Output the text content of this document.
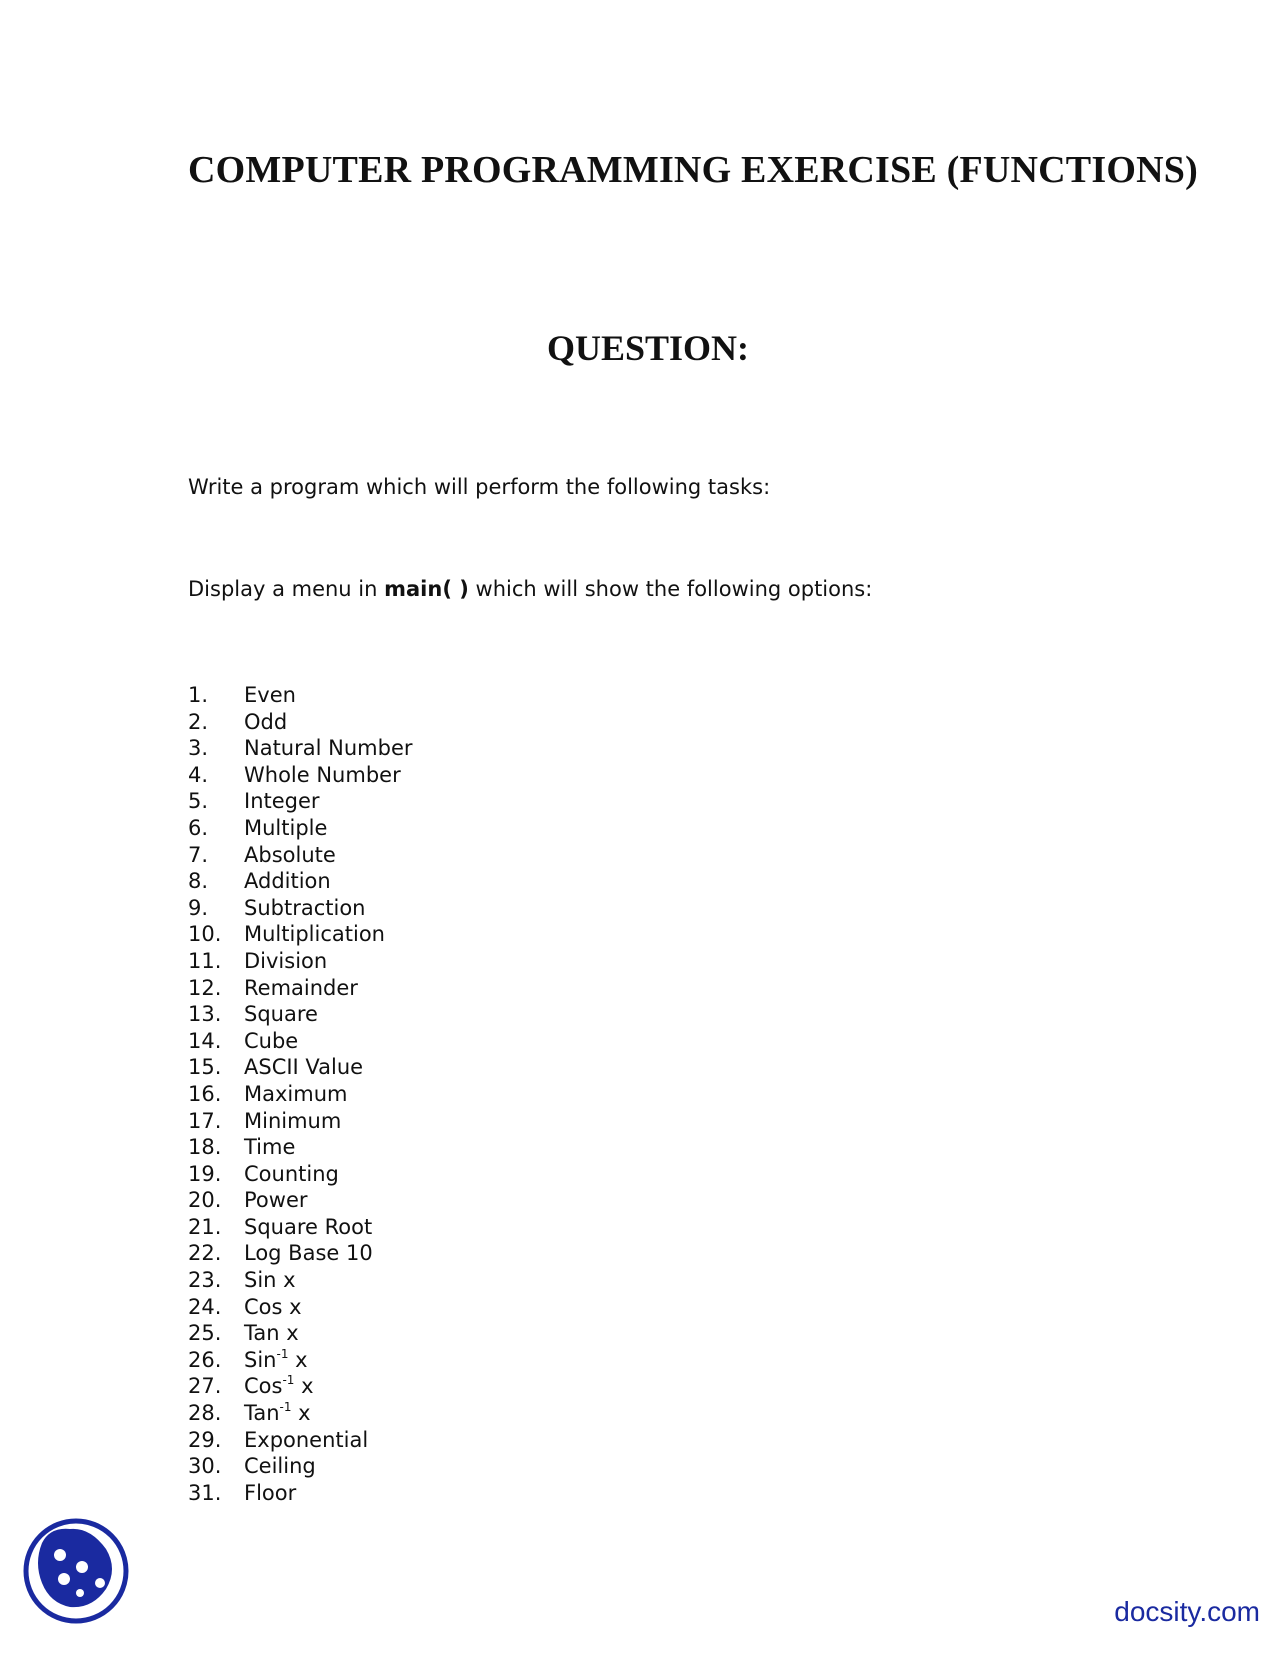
COMPUTER PROGRAMMING EXERCISE (FUNCTIONS)
QUESTION:

Write a program which will perform the following tasks:

Display a menu in main( ) which will show the following options:

1. Even
2. Odd
3. Natural Number
4. Whole Number
5. Integer
6. Multiple
7. Absolute
8. Addition
9. Subtraction
10. Multiplication
11. Division
12. Remainder
13. Square
14. Cube
15. ASCII Value
16. Maximum
17. Minimum
18. Time
19. Counting
20. Power
21. Square Root
22. Log Base 10
23. Sin x
24. Cos x
25. Tan x
26. Sin$^{-1}$ x
27. Cos$^{-1}$ x
28. Tan$^{-1}$ x
29. Exponential
30. Ceiling
31. Floor
docsity.com
